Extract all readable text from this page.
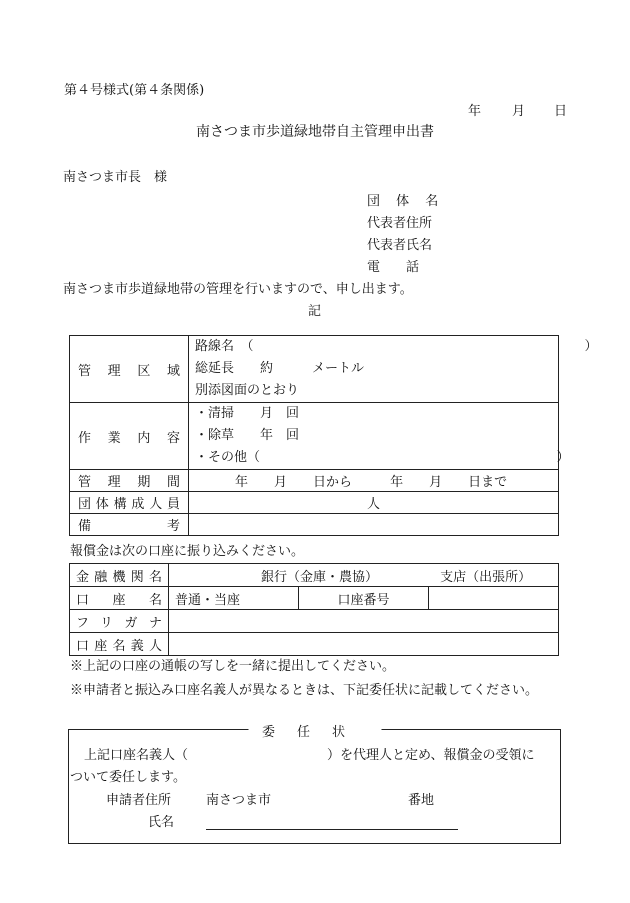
第４号様式(第４条関係)
年 月 日
南さつま市歩道緑地帯自主管理申出書
南さつま市長　様
団 体 名
代表者住所
代表者氏名
電　　話
南さつま市歩道緑地帯の管理を行いますので、申し出ます。
記
管理区域	路線名　（ ）
総延長　　約　　　メートル
別添図面のとおり

作業内容	・清掃　　月　回
・除草　　年　回
・その他（ ）

管理期間	年　　月　　日から 年　　月　　日まで
団体構成人員	人
備考	
報償金は次の口座に振り込みください。
金融機関名	銀行（金庫・農協） 支店（出張所）		
口座名	普通・当座	口座番号	
フリガナ			
口座名義人			
※上記の口座の通帳の写しを一緒に提出してください。
※申請者と振込み口座名義人が異なるときは、下記委任状に記載してください。
委任状
上記口座名義人（	）を代理人と定め、報償金の受領に
ついて委任します。
申請者住所	南さつま市	番地
氏名
